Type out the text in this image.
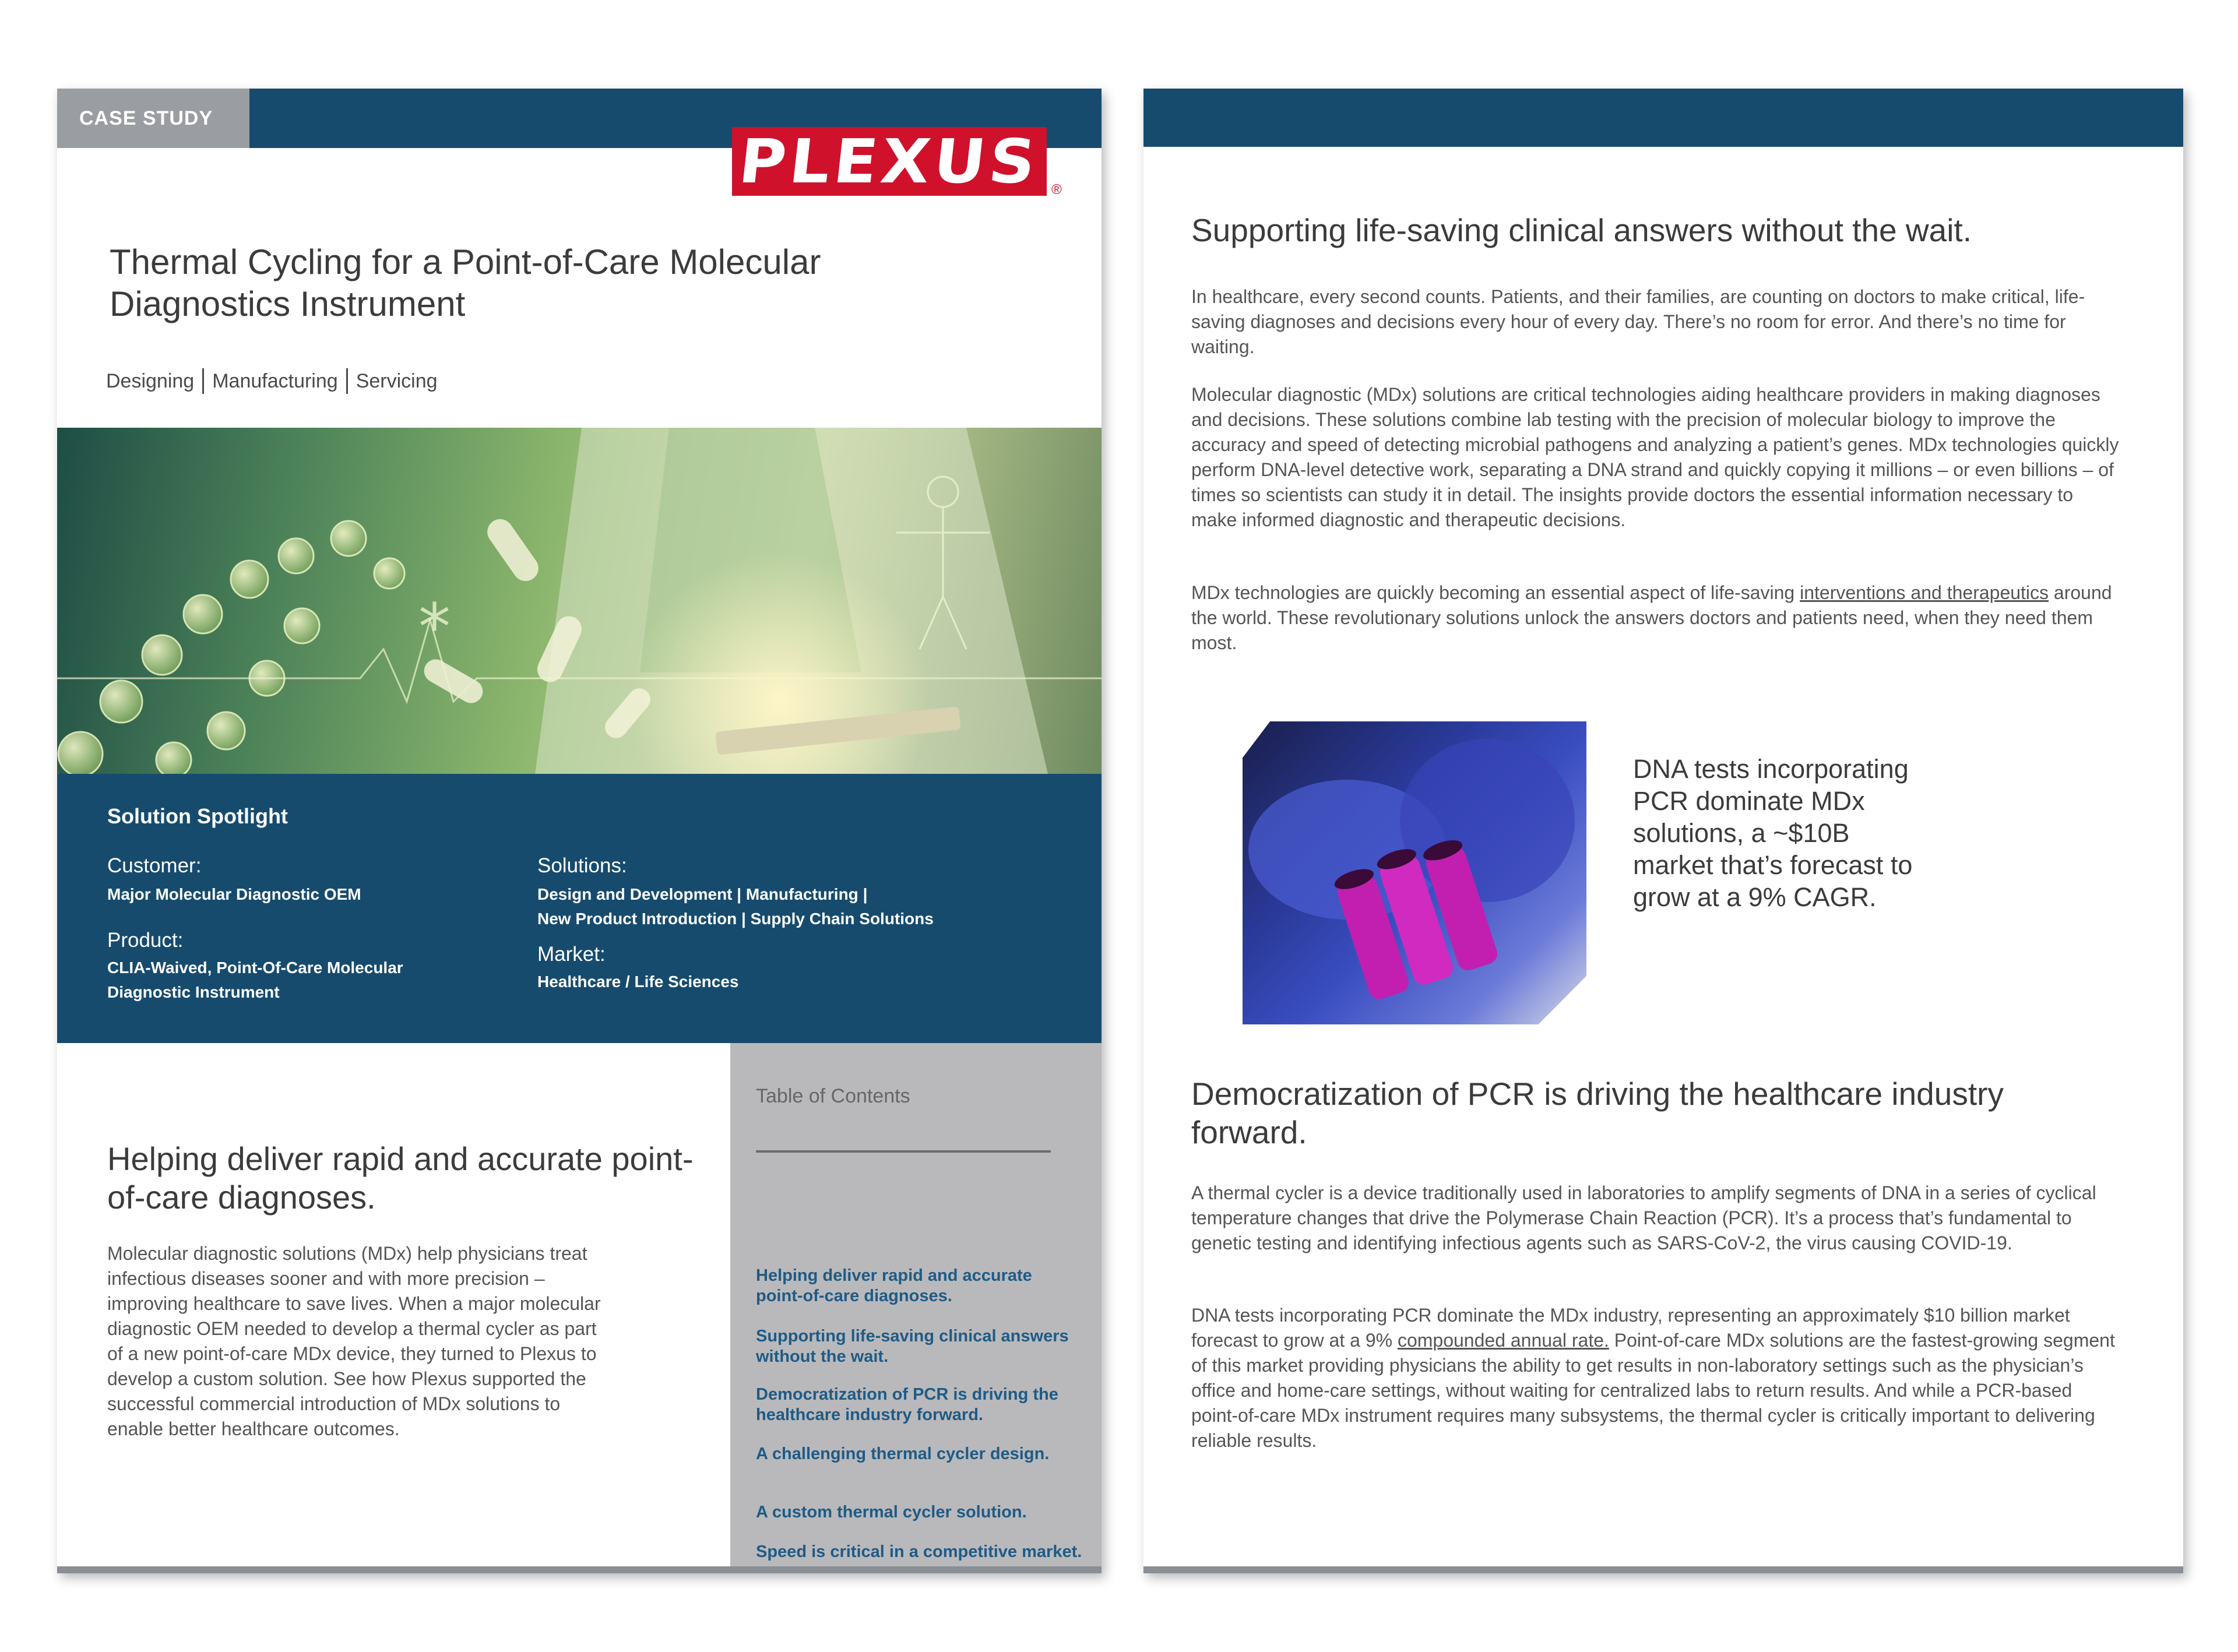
CASE STUDY
PLEXUS ®
Thermal Cycling for a Point-of-Care Molecular Diagnostics Instrument
Designing Manufacturing Servicing
*
Solution Spotlight
Customer:
Major Molecular Diagnostic OEM
Product:
CLIA-Waived, Point-Of-Care Molecular Diagnostic Instrument
Solutions:
Design and Development | Manufacturing |
New Product Introduction | Supply Chain Solutions
Market:
Healthcare / Life Sciences
Helping deliver rapid and accurate point-of-care diagnoses.
Molecular diagnostic solutions (MDx) help physicians treat infectious diseases sooner and with more precision – improving healthcare to save lives. When a major molecular diagnostic OEM needed to develop a thermal cycler as part of a new point-of-care MDx device, they turned to Plexus to develop a custom solution. See how Plexus supported the successful commercial introduction of MDx solutions to enable better healthcare outcomes.
Table of Contents
Helping deliver rapid and accurate point-of-care diagnoses.
Supporting life-saving clinical answers without the wait.
Democratization of PCR is driving the healthcare industry forward.
A challenging thermal cycler design.
A custom thermal cycler solution.
Speed is critical in a competitive market.
Supporting life-saving clinical answers without the wait.
In healthcare, every second counts. Patients, and their families, are counting on doctors to make critical, life-saving diagnoses and decisions every hour of every day. There’s no room for error. And there’s no time for waiting.
Molecular diagnostic (MDx) solutions are critical technologies aiding healthcare providers in making diagnoses and decisions. These solutions combine lab testing with the precision of molecular biology to improve the accuracy and speed of detecting microbial pathogens and analyzing a patient’s genes. MDx technologies quickly perform DNA-level detective work, separating a DNA strand and quickly copying it millions – or even billions – of times so scientists can study it in detail. The insights provide doctors the essential information necessary to make informed diagnostic and therapeutic decisions.
MDx technologies are quickly becoming an essential aspect of life-saving interventions and therapeutics around the world. These revolutionary solutions unlock the answers doctors and patients need, when they need them most.
DNA tests incorporating PCR dominate MDx solutions, a ~$10B market that’s forecast to grow at a 9% CAGR.
Democratization of PCR is driving the healthcare industry forward.
A thermal cycler is a device traditionally used in laboratories to amplify segments of DNA in a series of cyclical temperature changes that drive the Polymerase Chain Reaction (PCR). It’s a process that’s fundamental to genetic testing and identifying infectious agents such as SARS-CoV-2, the virus causing COVID-19.
DNA tests incorporating PCR dominate the MDx industry, representing an approximately $10 billion market forecast to grow at a 9% compounded annual rate. Point-of-care MDx solutions are the fastest-growing segment of this market providing physicians the ability to get results in non-laboratory settings such as the physician’s office and home-care settings, without waiting for centralized labs to return results. And while a PCR-based point-of-care MDx instrument requires many subsystems, the thermal cycler is critically important to delivering reliable results.
